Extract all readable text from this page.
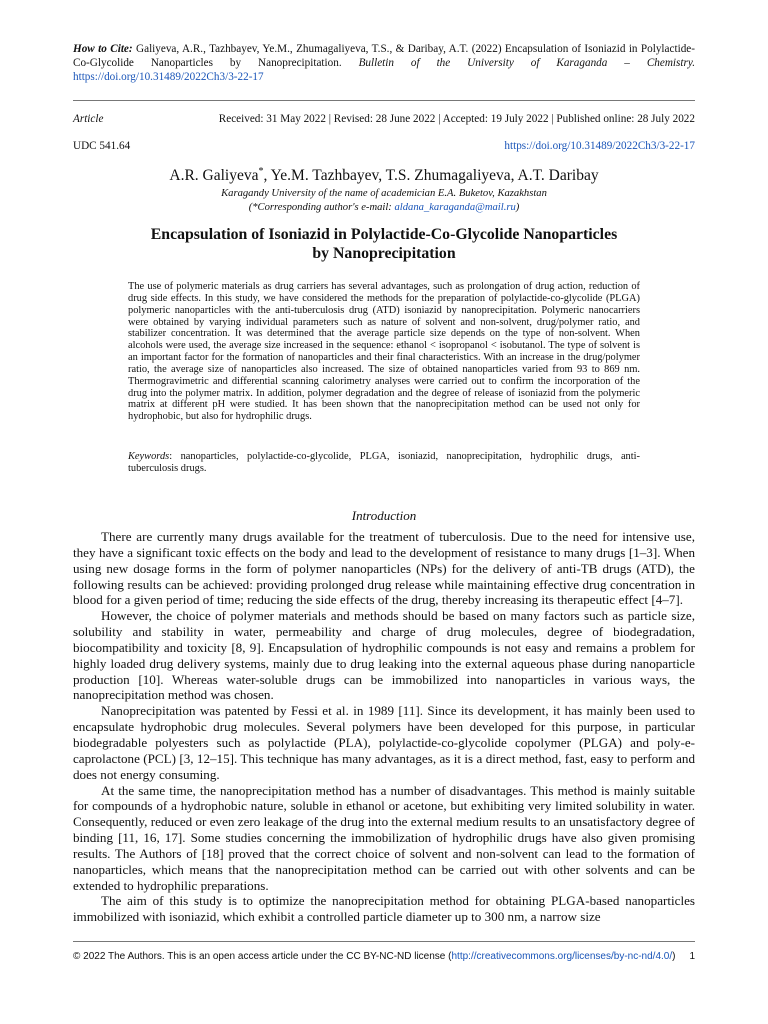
How to Cite: Galiyeva, A.R., Tazhbayev, Ye.M., Zhumagaliyeva, T.S., & Daribay, A.T. (2022) Encapsulation of Isoniazid in Polylactide-Co-Glycolide Nanoparticles by Nanoprecipitation. Bulletin of the University of Karaganda – Chemistry. https://doi.org/10.31489/2022Ch3/3-22-17
Article	Received: 31 May 2022 | Revised: 28 June 2022 | Accepted: 19 July 2022 | Published online: 28 July 2022
UDC 541.64	https://doi.org/10.31489/2022Ch3/3-22-17
A.R. Galiyeva*, Ye.M. Tazhbayev, T.S. Zhumagaliyeva, A.T. Daribay
Karagandy University of the name of academician E.A. Buketov, Kazakhstan
(*Corresponding author's e-mail: aldana_karaganda@mail.ru)
Encapsulation of Isoniazid in Polylactide-Co-Glycolide Nanoparticles
by Nanoprecipitation
The use of polymeric materials as drug carriers has several advantages, such as prolongation of drug action, reduction of drug side effects. In this study, we have considered the methods for the preparation of polylactide-co-glycolide (PLGA) polymeric nanoparticles with the anti-tuberculosis drug (ATD) isoniazid by nanoprecipitation. Polymeric nanocarriers were obtained by varying individual parameters such as nature of solvent and non-solvent, drug/polymer ratio, and stabilizer concentration. It was determined that the average particle size depends on the type of non-solvent. When alcohols were used, the average size increased in the sequence: ethanol < isopropanol < isobutanol. The type of solvent is an important factor for the formation of nanoparticles and their final characteristics. With an increase in the drug/polymer ratio, the average size of nanoparticles also increased. The size of obtained nanoparticles varied from 93 to 869 nm. Thermogravimetric and differential scanning calorimetry analyses were carried out to confirm the incorporation of the drug into the polymer matrix. In addition, polymer degradation and the degree of release of isoniazid from the polymeric matrix at different pH were studied. It has been shown that the nanoprecipitation method can be used not only for hydrophobic, but also for hydrophilic drugs.
Keywords: nanoparticles, polylactide-co-glycolide, PLGA, isoniazid, nanoprecipitation, hydrophilic drugs, anti-tuberculosis drugs.
Introduction

There are currently many drugs available for the treatment of tuberculosis. Due to the need for intensive use, they have a significant toxic effects on the body and lead to the development of resistance to many drugs [1–3]. When using new dosage forms in the form of polymer nanoparticles (NPs) for the delivery of anti-TB drugs (ATD), the following results can be achieved: providing prolonged drug release while maintaining effective drug concentration in blood for a given period of time; reducing the side effects of the drug, thereby increasing its therapeutic effect [4–7].

However, the choice of polymer materials and methods should be based on many factors such as particle size, solubility and stability in water, permeability and charge of drug molecules, degree of biodegradation, biocompatibility and toxicity [8, 9]. Encapsulation of hydrophilic compounds is not easy and remains a problem for highly loaded drug delivery systems, mainly due to drug leaking into the external aqueous phase during nanoparticle production [10]. Whereas water-soluble drugs can be immobilized into nanoparticles in various ways, the nanoprecipitation method was chosen.

Nanoprecipitation was patented by Fessi et al. in 1989 [11]. Since its development, it has mainly been used to encapsulate hydrophobic drug molecules. Several polymers have been developed for this purpose, in particular biodegradable polyesters such as polylactide (PLA), polylactide-co-glycolide copolymer (PLGA) and poly-e-caprolactone (PCL) [3, 12–15]. This technique has many advantages, as it is a direct method, fast, easy to perform and does not energy consuming.

At the same time, the nanoprecipitation method has a number of disadvantages. This method is mainly suitable for compounds of a hydrophobic nature, soluble in ethanol or acetone, but exhibiting very limited solubility in water. Consequently, reduced or even zero leakage of the drug into the external medium results to an unsatisfactory degree of binding [11, 16, 17]. Some studies concerning the immobilization of hydrophilic drugs have also given promising results. The Authors of [18] proved that the correct choice of solvent and non-solvent can lead to the formation of nanoparticles, which means that the nanoprecipitation method can be carried out with other solvents and can be extended to hydrophilic preparations.

The aim of this study is to optimize the nanoprecipitation method for obtaining PLGA-based nanoparticles immobilized with isoniazid, which exhibit a controlled particle diameter up to 300 nm, a narrow size

© 2022 The Authors. This is an open access article under the CC BY-NC-ND license (http://creativecommons.org/licenses/by-nc-nd/4.0/)	1
